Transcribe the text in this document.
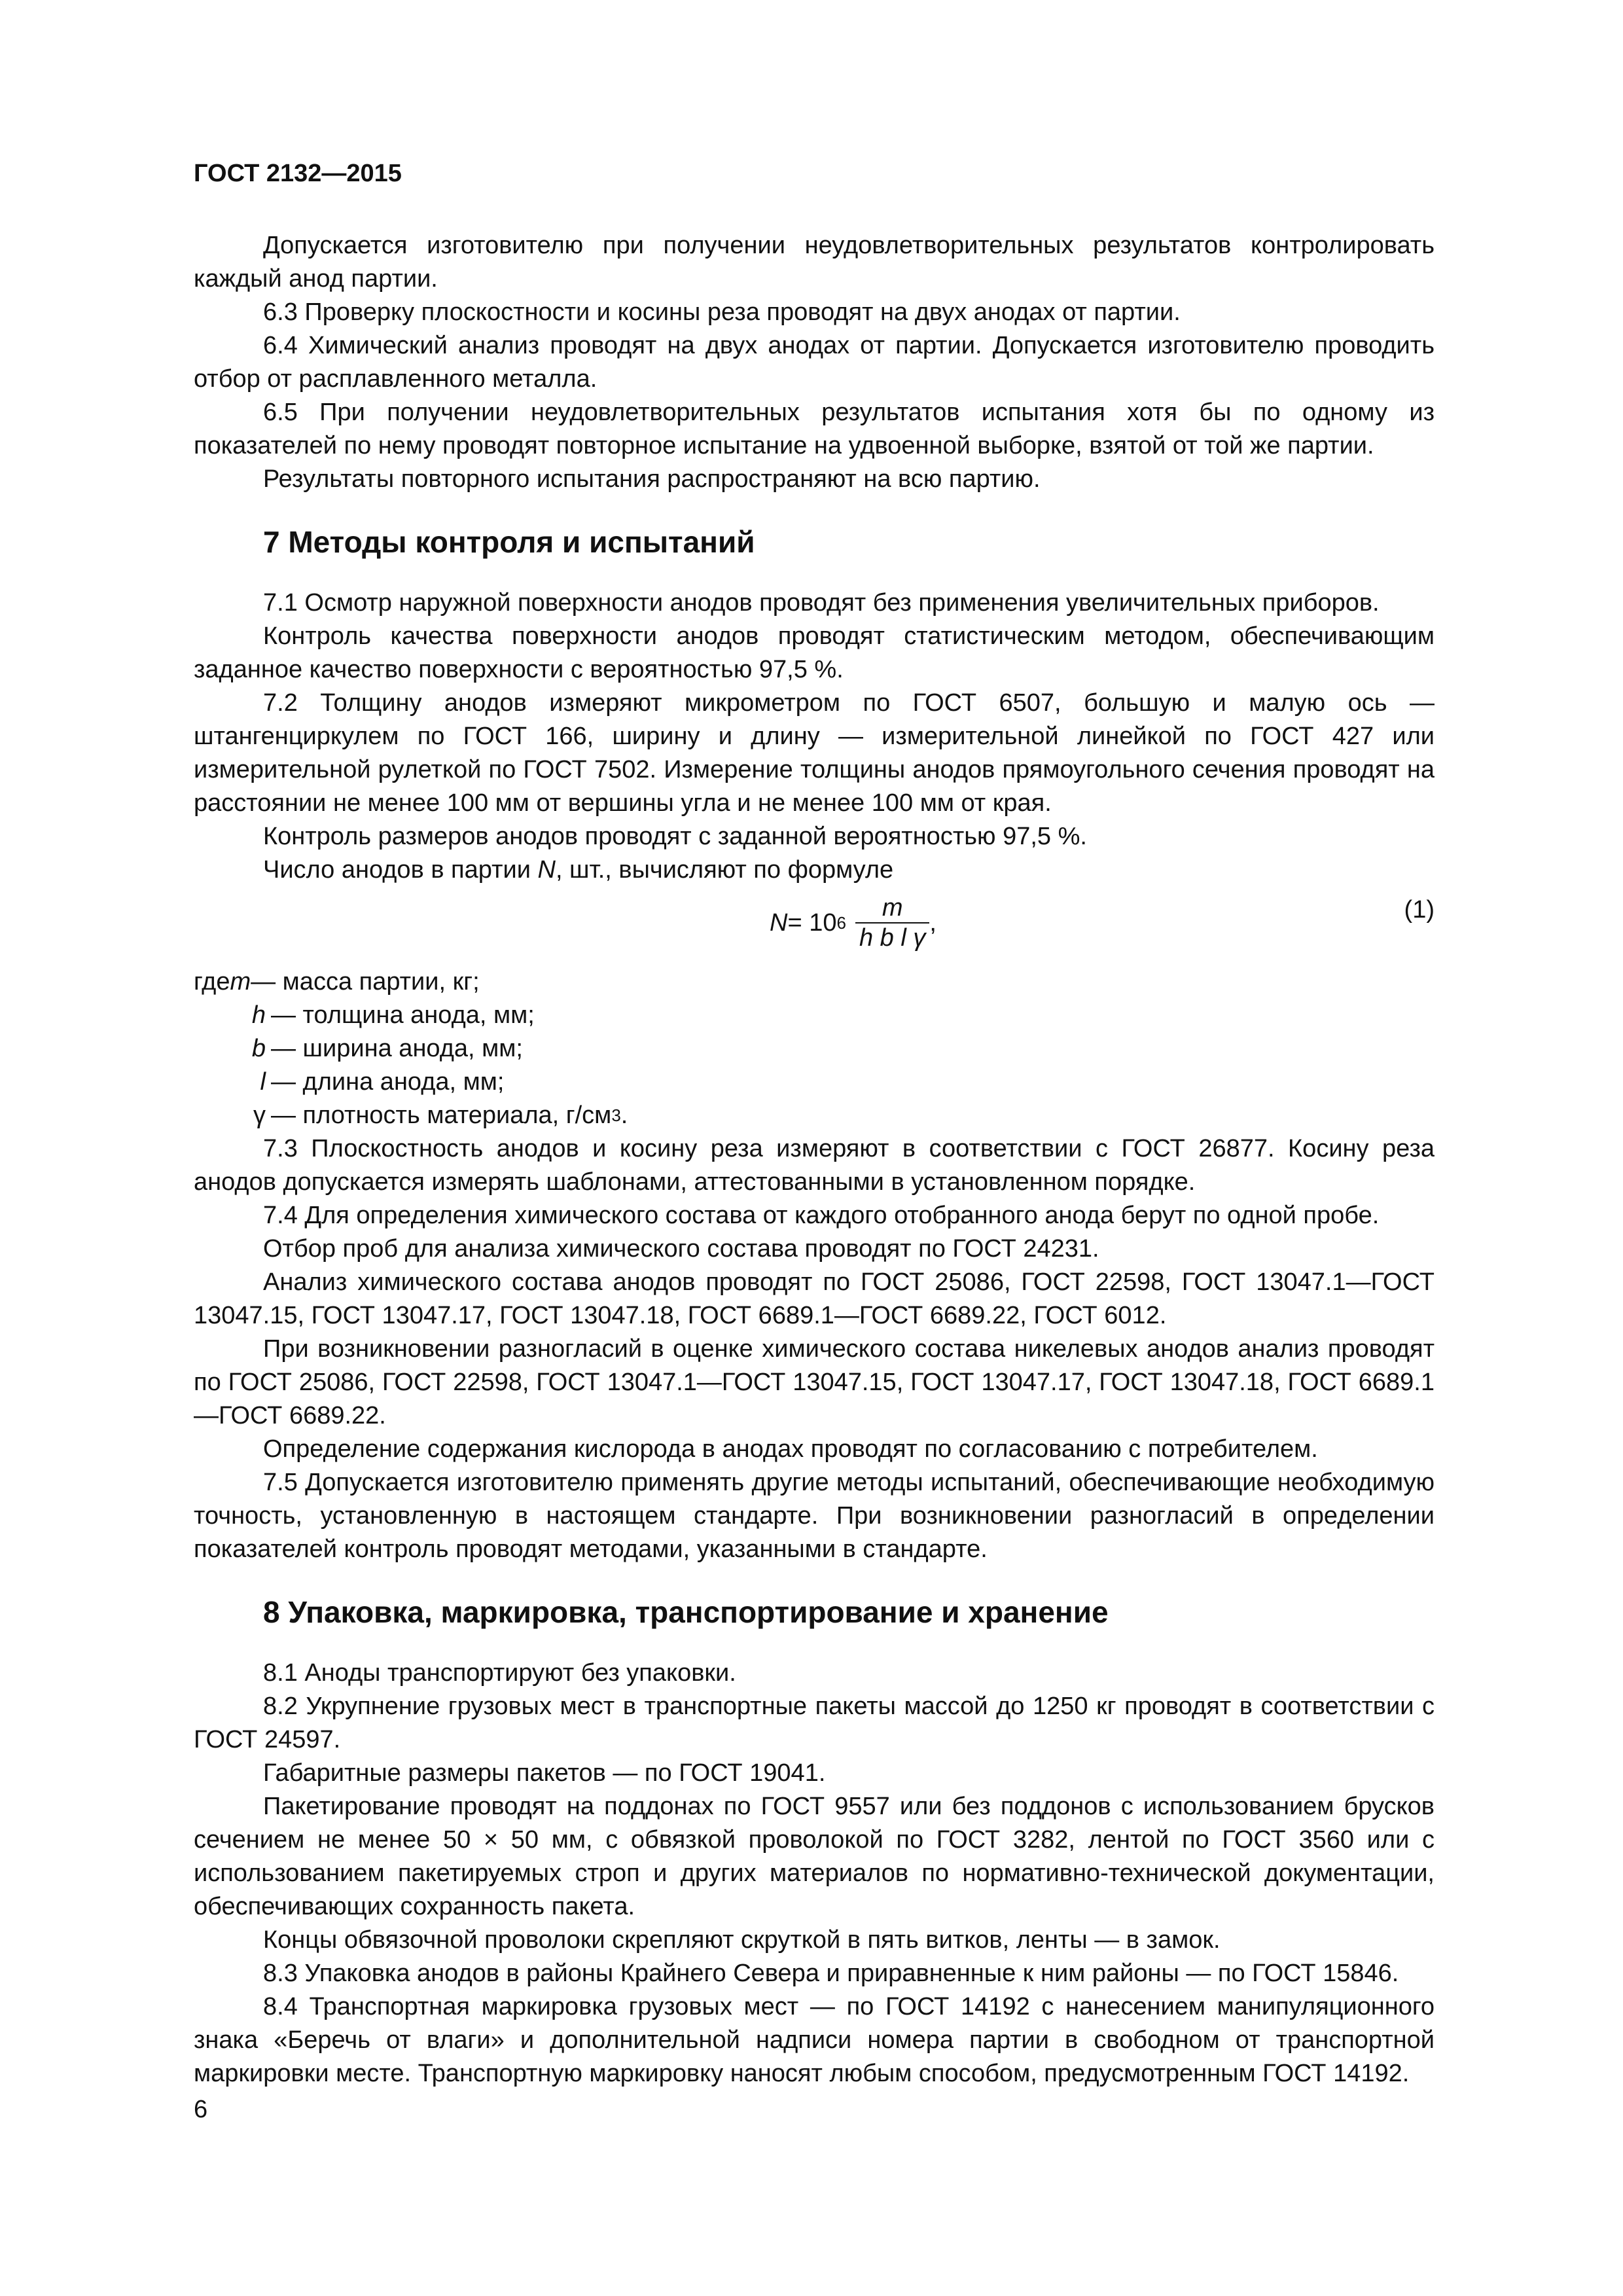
ГОСТ 2132—2015

Допускается изготовителю при получении неудовлетворительных результатов контролировать каждый анод партии.

6.3 Проверку плоскостности и косины реза проводят на двух анодах от партии.

6.4 Химический анализ проводят на двух анодах от партии. Допускается изготовителю проводить отбор от расплавленного металла.

6.5 При получении неудовлетворительных результатов испытания хотя бы по одному из показателей по нему проводят повторное испытание на удвоенной выборке, взятой от той же партии.

Результаты повторного испытания распространяют на всю партию.

7 Методы контроля и испытаний

7.1 Осмотр наружной поверхности анодов проводят без применения увеличительных приборов.

Контроль качества поверхности анодов проводят статистическим методом, обеспечивающим заданное качество поверхности с вероятностью 97,5 %.

7.2 Толщину анодов измеряют микрометром по ГОСТ 6507, большую и малую ось — штангенциркулем по ГОСТ 166, ширину и длину — измерительной линейкой по ГОСТ 427 или измерительной рулеткой по ГОСТ 7502. Измерение толщины анодов прямоугольного сечения проводят на расстоянии не менее 100 мм от вершины угла и не менее 100 мм от края.

Контроль размеров анодов проводят с заданной вероятностью 97,5 %.

Число анодов в партии N, шт., вычисляют по формуле

N = 10 $6 \frac{m}{\text{h b l γ}}$ ,	(1)
где m — масса партии, кг;
h — толщина анода, мм;
b — ширина анода, мм;
l — длина анода, мм;
γ — плотность материала, г/см 3 .

7.3 Плоскостность анодов и косину реза измеряют в соответствии с ГОСТ 26877. Косину реза анодов допускается измерять шаблонами, аттестованными в установленном порядке.

7.4 Для определения химического состава от каждого отобранного анода берут по одной пробе.

Отбор проб для анализа химического состава проводят по ГОСТ 24231.

Анализ химического состава анодов проводят по ГОСТ 25086, ГОСТ 22598, ГОСТ 13047.1—ГОСТ 13047.15, ГОСТ 13047.17, ГОСТ 13047.18, ГОСТ 6689.1—ГОСТ 6689.22, ГОСТ 6012.

При возникновении разногласий в оценке химического состава никелевых анодов анализ проводят по ГОСТ 25086, ГОСТ 22598, ГОСТ 13047.1—ГОСТ 13047.15, ГОСТ 13047.17, ГОСТ 13047.18, ГОСТ 6689.1—ГОСТ 6689.22.

Определение содержания кислорода в анодах проводят по согласованию с потребителем.

7.5 Допускается изготовителю применять другие методы испытаний, обеспечивающие необходимую точность, установленную в настоящем стандарте. При возникновении разногласий в определении показателей контроль проводят методами, указанными в стандарте.

8 Упаковка, маркировка, транспортирование и хранение

8.1 Аноды транспортируют без упаковки.

8.2 Укрупнение грузовых мест в транспортные пакеты массой до 1250 кг проводят в соответствии с ГОСТ 24597.

Габаритные размеры пакетов — по ГОСТ 19041.

Пакетирование проводят на поддонах по ГОСТ 9557 или без поддонов с использованием брусков сечением не менее 50 × 50 мм, с обвязкой проволокой по ГОСТ 3282, лентой по ГОСТ 3560 или с использованием пакетируемых строп и других материалов по нормативно-технической документации, обеспечивающих сохранность пакета.

Концы обвязочной проволоки скрепляют скруткой в пять витков, ленты — в замок.

8.3 Упаковка анодов в районы Крайнего Севера и приравненные к ним районы — по ГОСТ 15846.

8.4 Транспортная маркировка грузовых мест — по ГОСТ 14192 с нанесением манипуляционного знака «Беречь от влаги» и дополнительной надписи номера партии в свободном от транспортной маркировки месте. Транспортную маркировку наносят любым способом, предусмотренным ГОСТ 14192.

6
